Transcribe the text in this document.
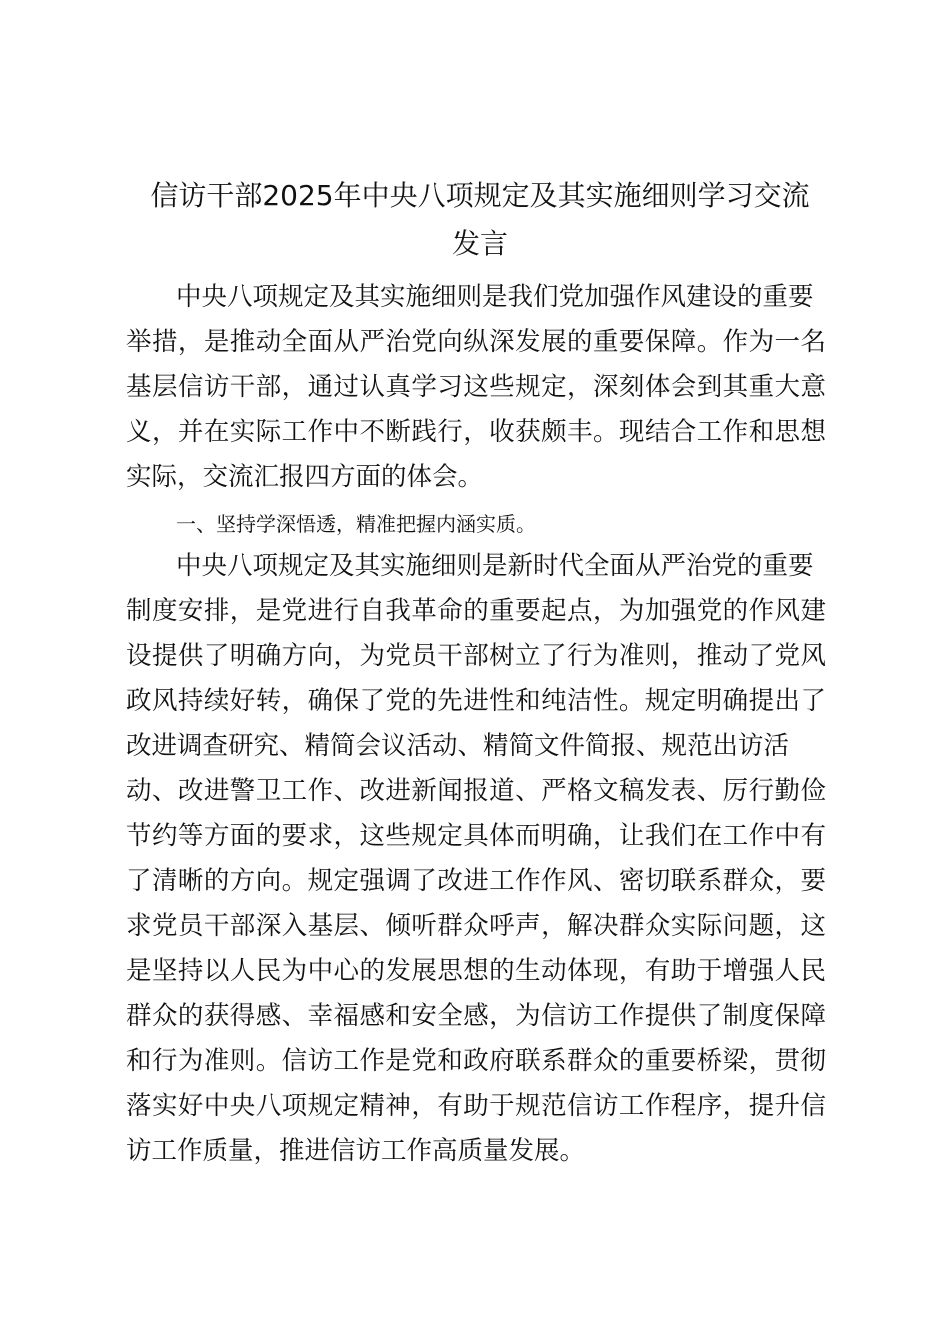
信访干部2025年中央八项规定及其实施细则学习交流
发言
中央八项规定及其实施细则是我们党加强作风建设的重要
举措，是推动全面从严治党向纵深发展的重要保障。作为一名
基层信访干部，通过认真学习这些规定，深刻体会到其重大意
义，并在实际工作中不断践行，收获颇丰。现结合工作和思想
实际，交流汇报四方面的体会。
一、坚持学深悟透，精准把握内涵实质。
中央八项规定及其实施细则是新时代全面从严治党的重要
制度安排，是党进行自我革命的重要起点，为加强党的作风建
设提供了明确方向，为党员干部树立了行为准则，推动了党风
政风持续好转，确保了党的先进性和纯洁性。规定明确提出了
改进调查研究、精简会议活动、精简文件简报、规范出访活
动、改进警卫工作、改进新闻报道、严格文稿发表、厉行勤俭
节约等方面的要求，这些规定具体而明确，让我们在工作中有
了清晰的方向。规定强调了改进工作作风、密切联系群众，要
求党员干部深入基层、倾听群众呼声，解决群众实际问题，这
是坚持以人民为中心的发展思想的生动体现，有助于增强人民
群众的获得感、幸福感和安全感，为信访工作提供了制度保障
和行为准则。信访工作是党和政府联系群众的重要桥梁，贯彻
落实好中央八项规定精神，有助于规范信访工作程序，提升信
访工作质量，推进信访工作高质量发展。
